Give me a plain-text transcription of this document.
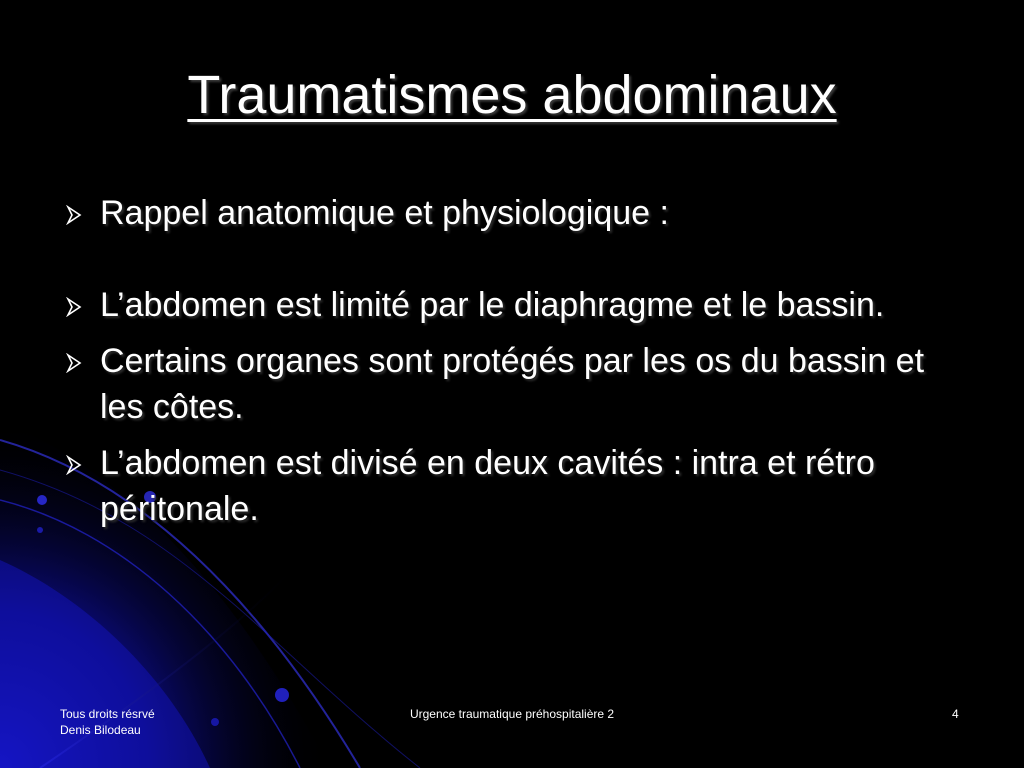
Traumatismes abdominaux
Rappel anatomique et physiologique :
L’abdomen est limité par le diaphragme et le bassin.
Certains organes sont protégés par les os du bassin et les côtes.
L’abdomen est divisé en deux cavités : intra et rétro péritonale.
Tous droits résrvé
Denis Bilodeau
Urgence traumatique préhospitalière 2	4
